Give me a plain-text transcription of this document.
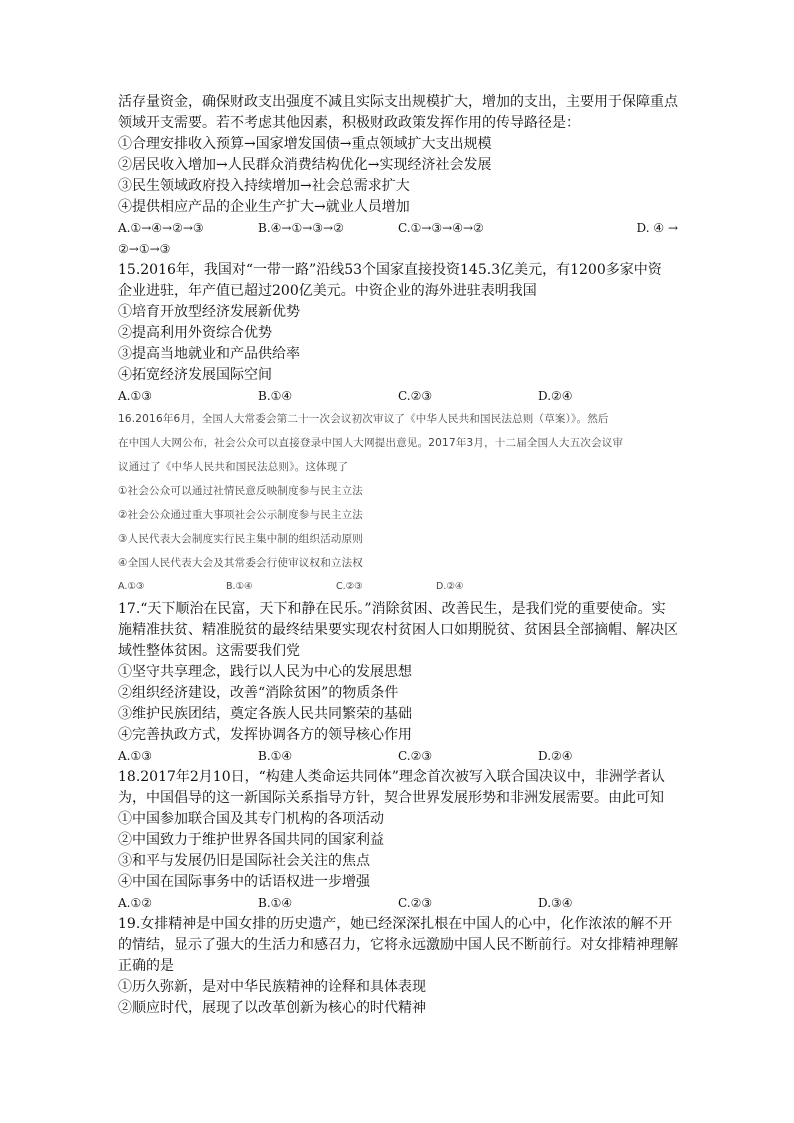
活存量资金，确保财政支出强度不减且实际支出规模扩大，增加的支出，主要用于保障重点
领域开支需要。若不考虑其他因素，积极财政政策发挥作用的传导路径是：
①合理安排收入预算→国家增发国债→重点领域扩大支出规模
②居民收入增加→人民群众消费结构优化→实现经济社会发展
③民生领域政府投入持续增加→社会总需求扩大
④提供相应产品的企业生产扩大→就业人员增加
A.①→④→②→③	B.④→①→③→②	C.①→③→④→②	D. ④ →
②→①→③
15.2016年，我国对“一带一路”沿线53个国家直接投资145.3亿美元，有1200多家中资
企业进驻，年产值已超过200亿美元。中资企业的海外进驻表明我国
①培育开放型经济发展新优势
②提高利用外资综合优势
③提高当地就业和产品供给率
④拓宽经济发展国际空间
A.①③	B.①④	C.②③	D.②④
16.2016年6月，全国人大常委会第二十一次会议初次审议了《中华人民共和国民法总则（草案）》。然后
在中国人大网公布，社会公众可以直接登录中国人大网提出意见。2017年3月，十二届全国人大五次会议审
议通过了《中华人民共和国民法总则》。这体现了
①社会公众可以通过社情民意反映制度参与民主立法
②社会公众通过重大事项社会公示制度参与民主立法
③人民代表大会制度实行民主集中制的组织活动原则
④全国人民代表大会及其常委会行使审议权和立法权
A.①③	B.①④	C.②③	D.②④
17.“天下顺治在民富，天下和静在民乐。”消除贫困、改善民生，是我们党的重要使命。实
施精准扶贫、精准脱贫的最终结果要实现农村贫困人口如期脱贫、贫困县全部摘帽、解决区
域性整体贫困。这需要我们党
①坚守共享理念，践行以人民为中心的发展思想
②组织经济建设，改善“消除贫困”的物质条件
③维护民族团结，奠定各族人民共同繁荣的基础
④完善执政方式，发挥协调各方的领导核心作用
A.①③	B.①④	C.②③	D.②④
18.2017年2月10日，“构建人类命运共同体”理念首次被写入联合国决议中，非洲学者认
为，中国倡导的这一新国际关系指导方针，契合世界发展形势和非洲发展需要。由此可知
①中国参加联合国及其专门机构的各项活动
②中国致力于维护世界各国共同的国家利益
③和平与发展仍旧是国际社会关注的焦点
④中国在国际事务中的话语权进一步增强
A.①②	B.①④	C.②③	D.③④
19.女排精神是中国女排的历史遗产，她已经深深扎根在中国人的心中，化作浓浓的解不开
的情结，显示了强大的生活力和感召力，它将永远激励中国人民不断前行。对女排精神理解
正确的是
①历久弥新，是对中华民族精神的诠释和具体表现
②顺应时代，展现了以改革创新为核心的时代精神
